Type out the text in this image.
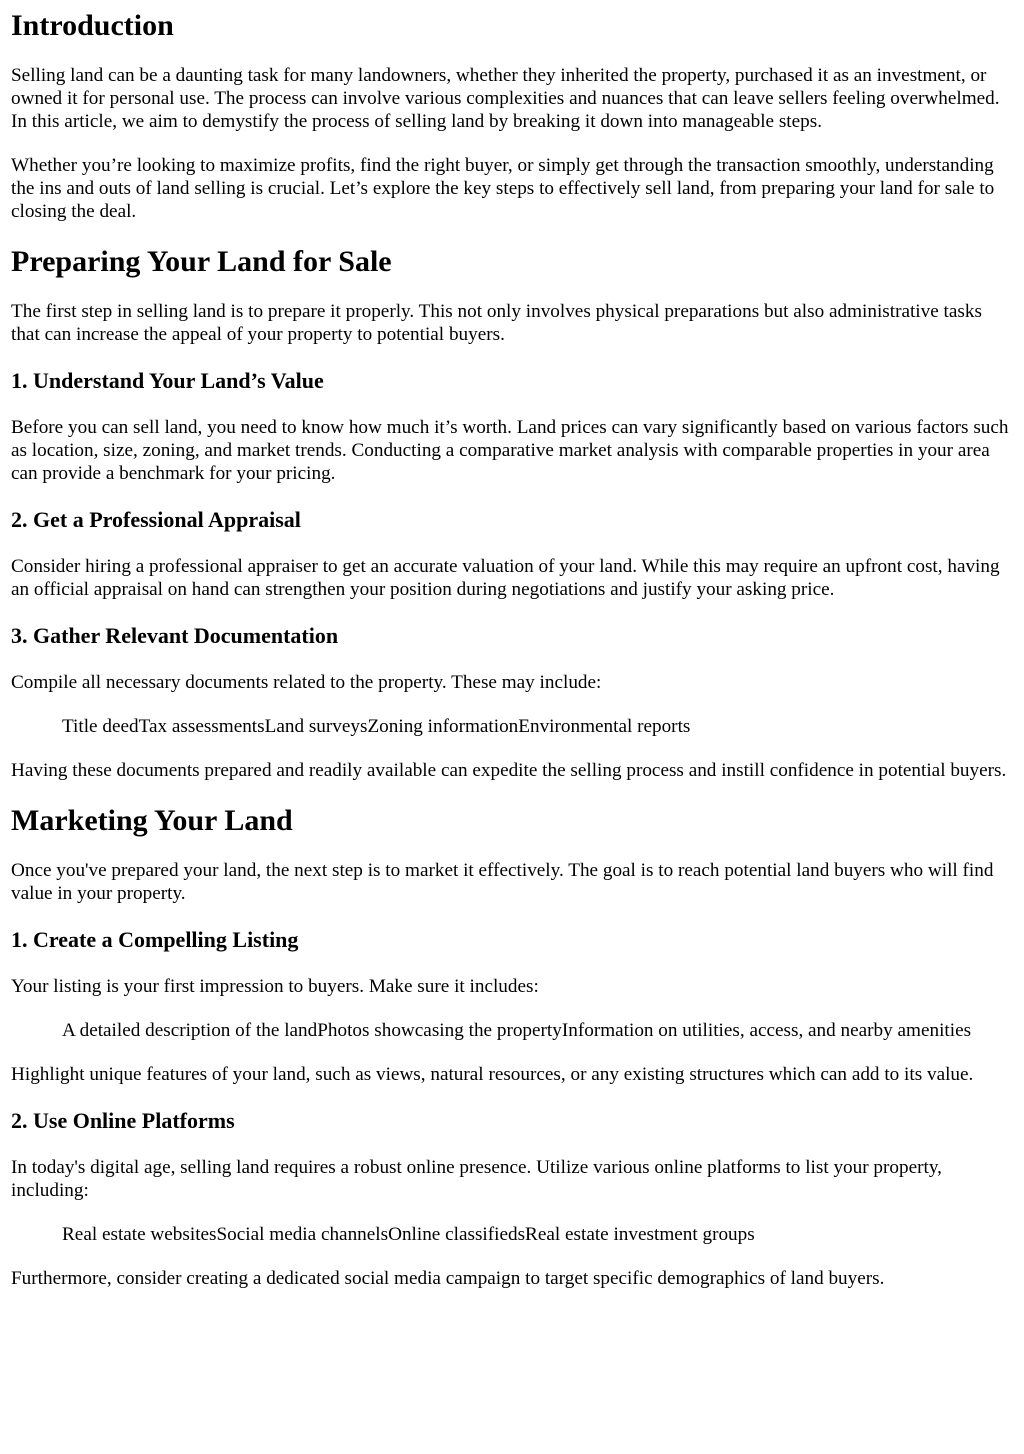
Introduction

Selling land can be a daunting task for many landowners, whether they inherited the property, purchased it as an investment, or owned it for personal use. The process can involve various complexities and nuances that can leave sellers feeling overwhelmed. In this article, we aim to demystify the process of selling land by breaking it down into manageable steps.

Whether you’re looking to maximize profits, find the right buyer, or simply get through the transaction smoothly, understanding the ins and outs of land selling is crucial. Let’s explore the key steps to effectively sell land, from preparing your land for sale to closing the deal.

Preparing Your Land for Sale

The first step in selling land is to prepare it properly. This not only involves physical preparations but also administrative tasks that can increase the appeal of your property to potential buyers.

1. Understand Your Land’s Value

Before you can sell land, you need to know how much it’s worth. Land prices can vary significantly based on various factors such as location, size, zoning, and market trends. Conducting a comparative market analysis with comparable properties in your area can provide a benchmark for your pricing.

2. Get a Professional Appraisal

Consider hiring a professional appraiser to get an accurate valuation of your land. While this may require an upfront cost, having an official appraisal on hand can strengthen your position during negotiations and justify your asking price.

3. Gather Relevant Documentation

Compile all necessary documents related to the property. These may include:

Title deedTax assessmentsLand surveysZoning informationEnvironmental reports

Having these documents prepared and readily available can expedite the selling process and instill confidence in potential buyers.

Marketing Your Land

Once you've prepared your land, the next step is to market it effectively. The goal is to reach potential land buyers who will find value in your property.

1. Create a Compelling Listing

Your listing is your first impression to buyers. Make sure it includes:

A detailed description of the landPhotos showcasing the propertyInformation on utilities, access, and nearby amenities

Highlight unique features of your land, such as views, natural resources, or any existing structures which can add to its value.

2. Use Online Platforms

In today's digital age, selling land requires a robust online presence. Utilize various online platforms to list your property, including:

Real estate websitesSocial media channelsOnline classifiedsReal estate investment groups

Furthermore, consider creating a dedicated social media campaign to target specific demographics of land buyers.
